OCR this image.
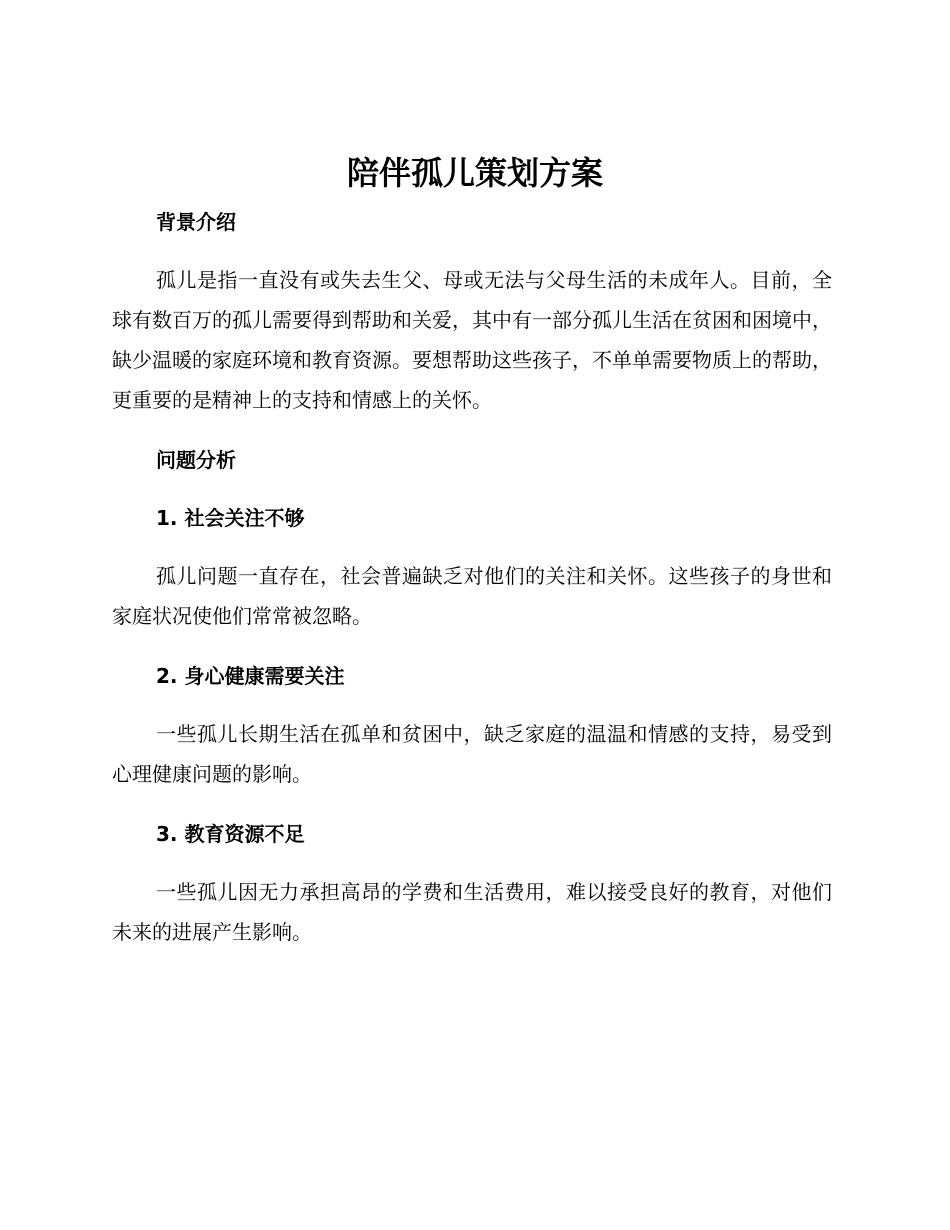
陪伴孤儿策划方案

背景介绍

孤儿是指一直没有或失去生父、母或无法与父母生活的未成年人。目前，全球有数百万的孤儿需要得到帮助和关爱，其中有一部分孤儿生活在贫困和困境中，缺少温暖的家庭环境和教育资源。要想帮助这些孩子，不单单需要物质上的帮助，更重要的是精神上的支持和情感上的关怀。

问题分析

1. 社会关注不够

孤儿问题一直存在，社会普遍缺乏对他们的关注和关怀。这些孩子的身世和家庭状况使他们常常被忽略。

2. 身心健康需要关注

一些孤儿长期生活在孤单和贫困中，缺乏家庭的温温和情感的支持，易受到心理健康问题的影响。

3. 教育资源不足

一些孤儿因无力承担高昂的学费和生活费用，难以接受良好的教育，对他们未来的进展产生影响。
